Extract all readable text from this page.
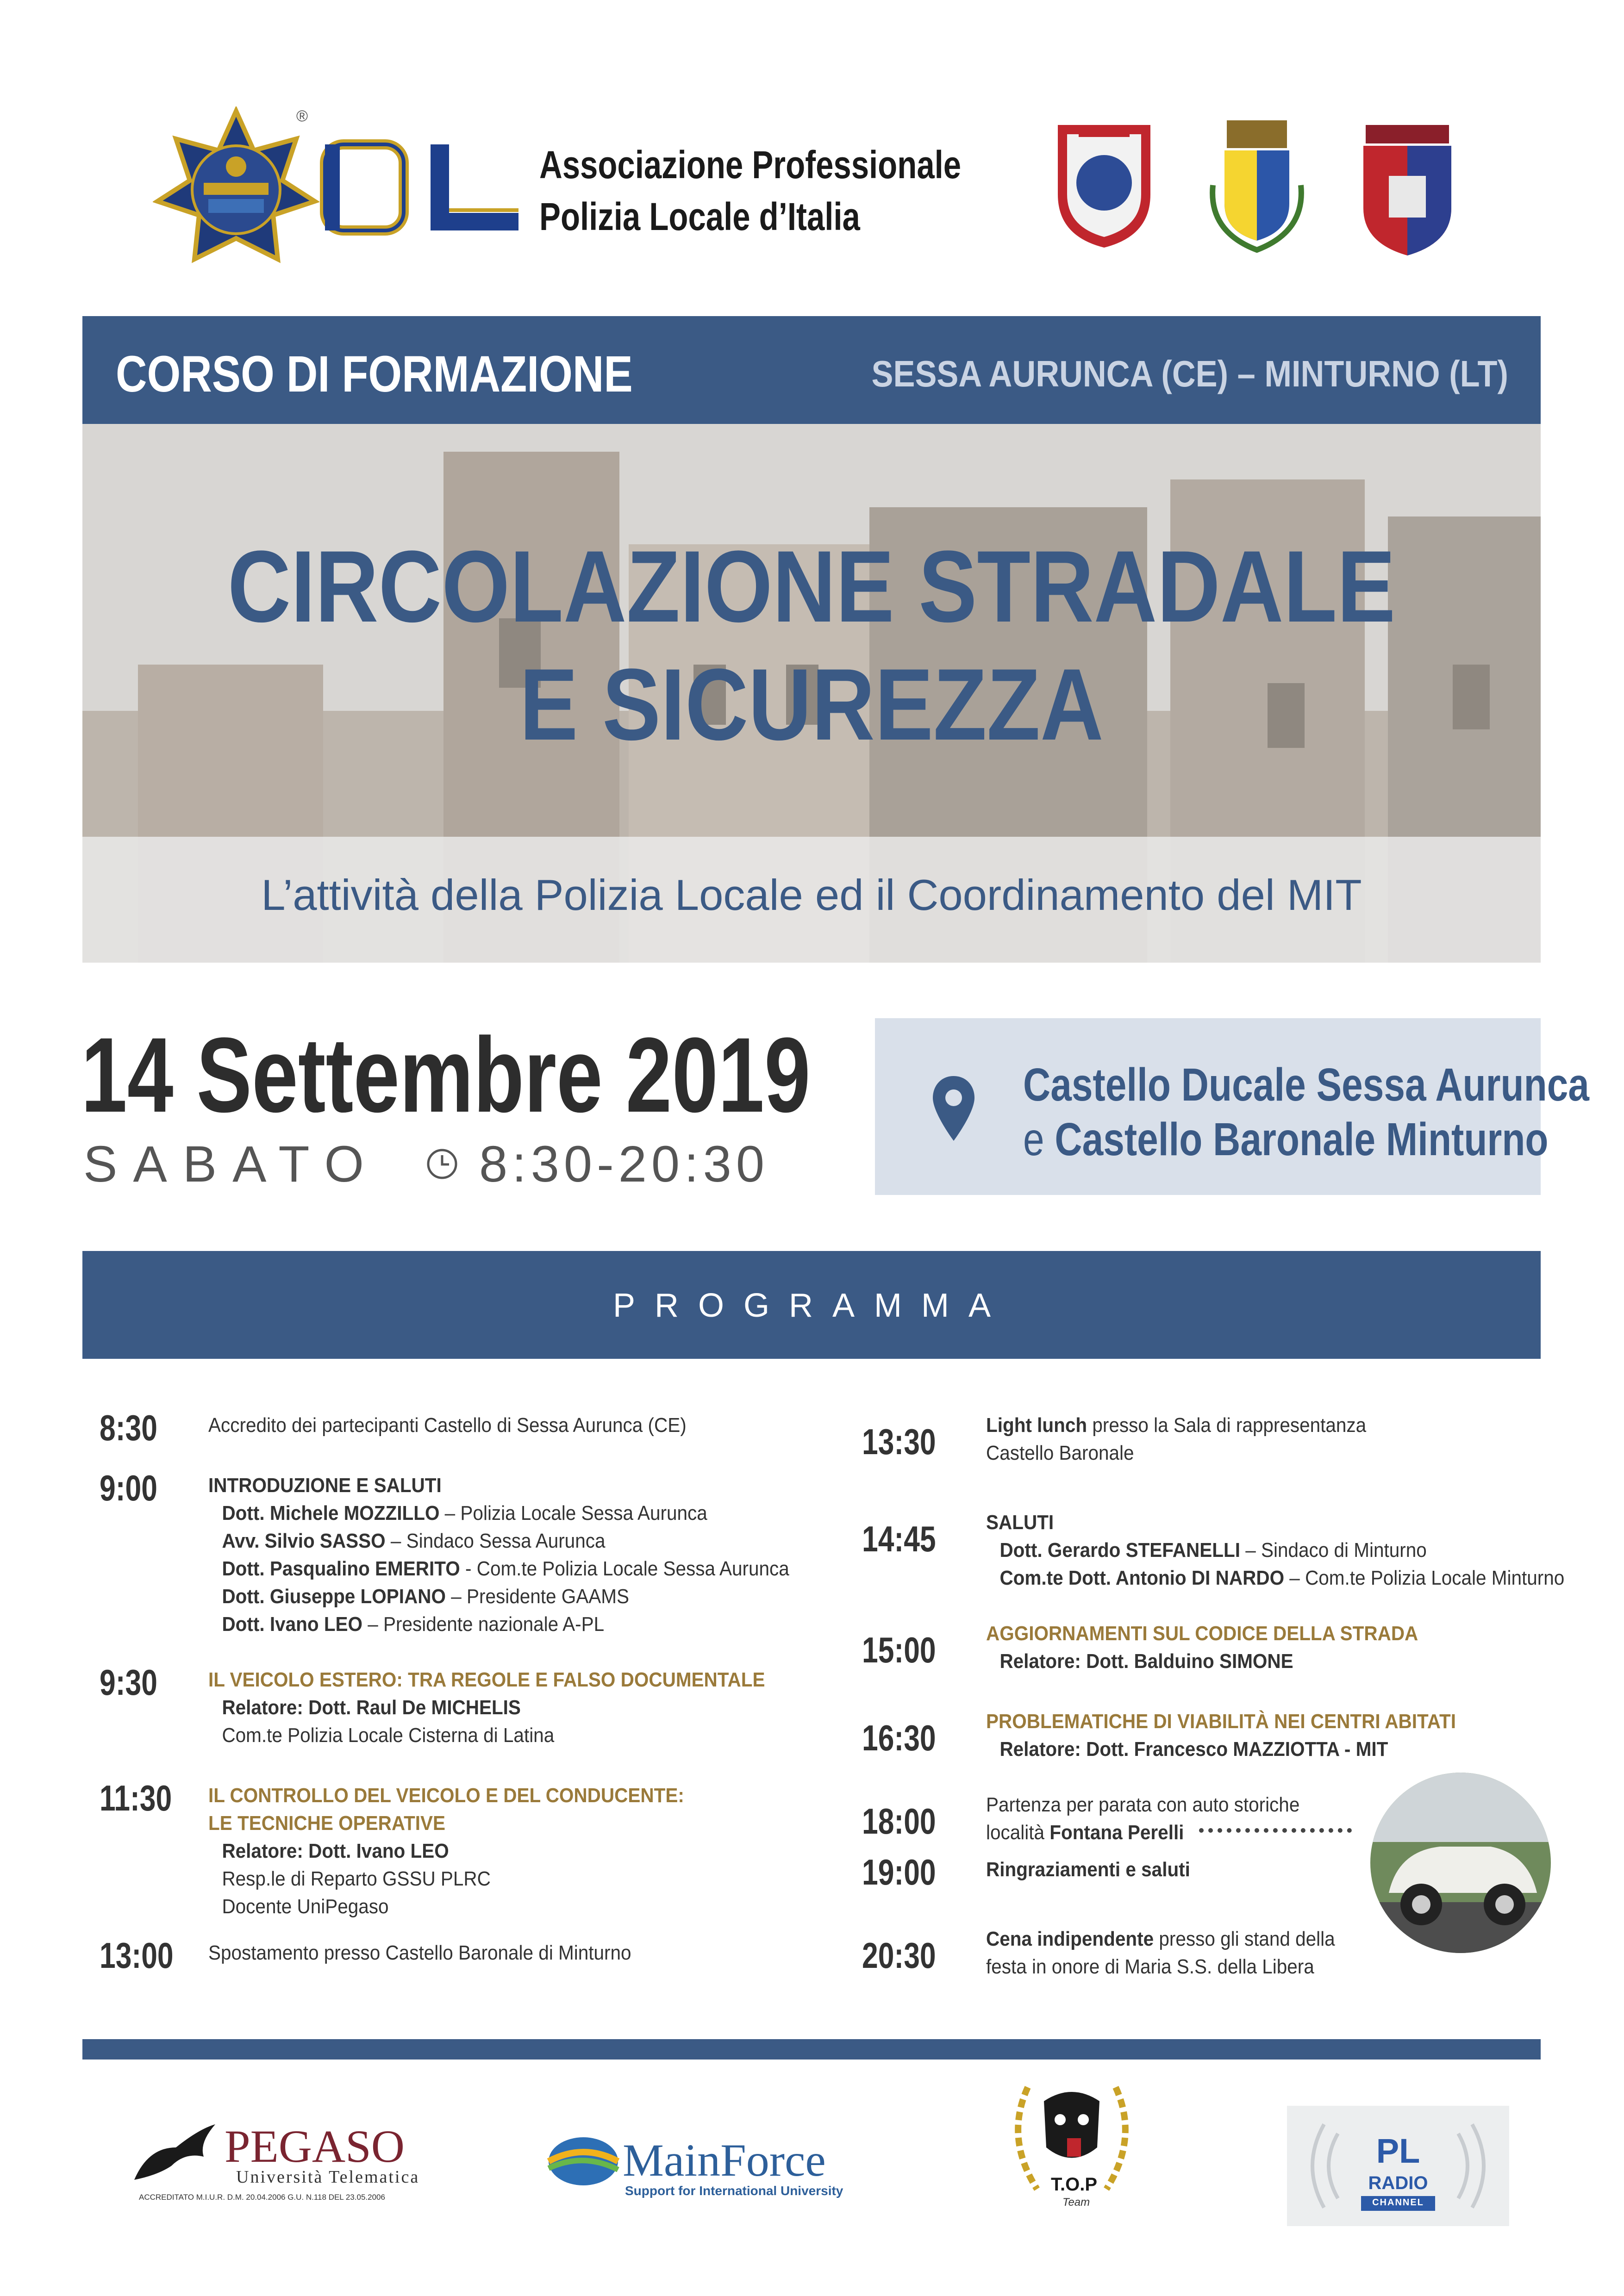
®
Associazione Professionale
Polizia Locale d’Italia
CORSO DI FORMAZIONE	SESSA AURUNCA (CE) – MINTURNO (LT)
CIRCOLAZIONE STRADALE
E SICUREZZA
L’attività della Polizia Locale ed il Coordinamento del MIT
14 Settembre 2019
SABATO 8:30-20:30
Castello Ducale Sessa Aurunca
e Castello Baronale Minturno
PROGRAMMA
8:30	Accredito dei partecipanti Castello di Sessa Aurunca (CE)
9:00	INTRODUZIONE E SALUTI
Dott. Michele MOZZILLO – Polizia Locale Sessa Aurunca
Avv. Silvio SASSO – Sindaco Sessa Aurunca
Dott. Pasqualino EMERITO - Com.te Polizia Locale Sessa Aurunca
Dott. Giuseppe LOPIANO – Presidente GAAMS
Dott. Ivano LEO – Presidente nazionale A-PL
9:30	IL VEICOLO ESTERO: TRA REGOLE E FALSO DOCUMENTALE
Relatore: Dott. Raul De MICHELIS
Com.te Polizia Locale Cisterna di Latina
11:30 IL CONTROLLO DEL VEICOLO E DEL CONDUCENTE:
LE TECNICHE OPERATIVE
Relatore: Dott. Ivano LEO
Resp.le di Reparto GSSU PLRC
Docente UniPegaso
13:00 Spostamento presso Castello Baronale di Minturno
13:30 Light lunch presso la Sala di rappresentanza
Castello Baronale
14:45 SALUTI
Dott. Gerardo STEFANELLI – Sindaco di Minturno
Com.te Dott. Antonio DI NARDO – Com.te Polizia Locale Minturno
15:00 AGGIORNAMENTI SUL CODICE DELLA STRADA
Relatore: Dott. Balduino SIMONE
16:30 PROBLEMATICHE DI VIABILITÀ NEI CENTRI ABITATI
Relatore: Dott. Francesco MAZZIOTTA - MIT
18:00 Partenza per parata con auto storiche
località Fontana Perelli
19:00 Ringraziamenti e saluti
20:30 Cena indipendente presso gli stand della
festa in onore di Maria S.S. della Libera
PEGASO
Università Telematica
ACCREDITATO M.I.U.R. D.M. 20.04.2006 G.U. N.118 DEL 23.05.2006
MainForce
Support for International University	T.O.P
Team
PL
RADIO
CHANNEL
